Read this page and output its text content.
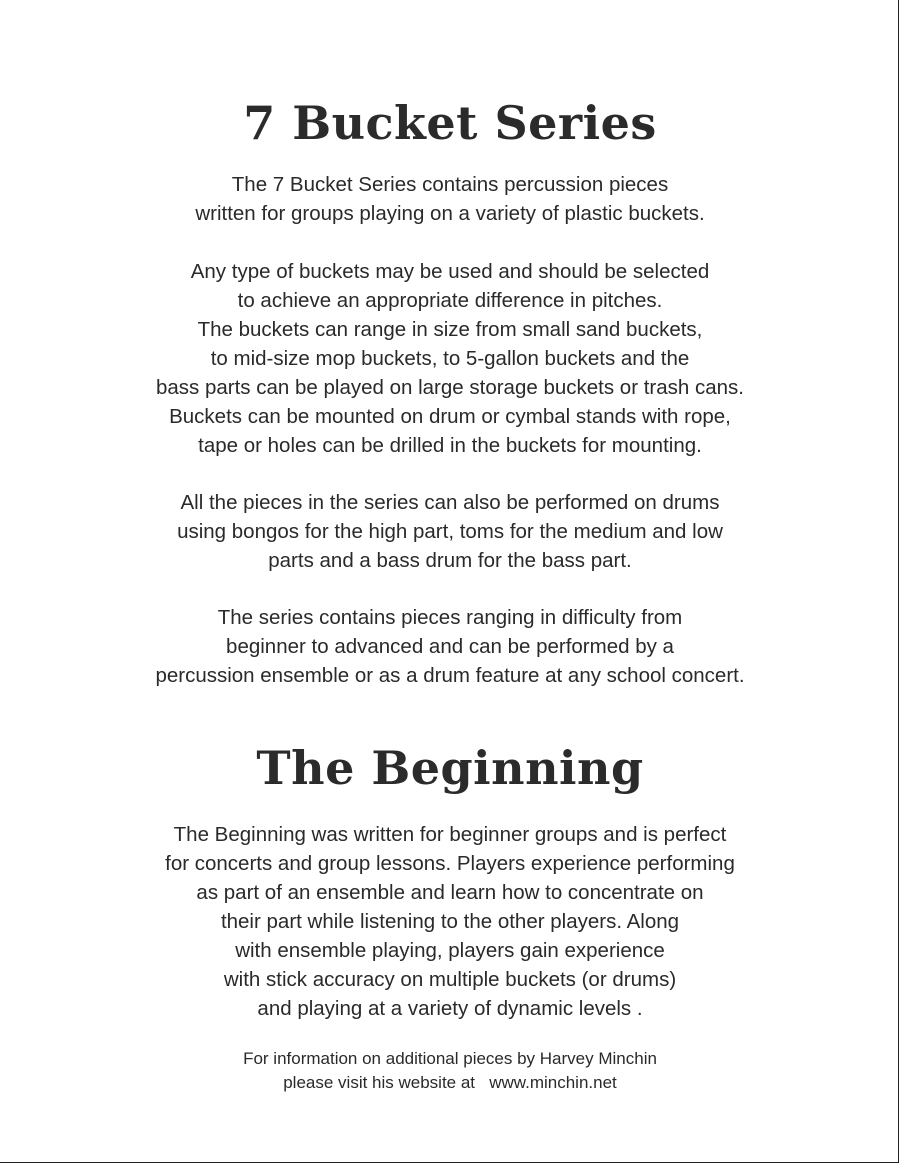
7 Bucket Series
The 7 Bucket Series contains percussion pieces
written for groups playing on a variety of plastic buckets.
Any type of buckets may be used and should be selected
to achieve an appropriate difference in pitches.
The buckets can range in size from small sand buckets,
to mid-size mop buckets, to 5-gallon buckets and the
bass parts can be played on large storage buckets or trash cans.
Buckets can be mounted on drum or cymbal stands with rope,
tape or holes can be drilled in the buckets for mounting.
All the pieces in the series can also be performed on drums
using bongos for the high part, toms for the medium and low
parts and a bass drum for the bass part.
The series contains pieces ranging in difficulty from
beginner to advanced and can be performed by a
percussion ensemble or as a drum feature at any school concert.
The Beginning
The Beginning was written for beginner groups and is perfect
for concerts and group lessons. Players experience performing
as part of an ensemble and learn how to concentrate on
their part while listening to the other players. Along
with ensemble playing, players gain experience
with stick accuracy on multiple buckets (or drums)
and playing at a variety of dynamic levels .
For information on additional pieces by Harvey Minchin
please visit his website at   www.minchin.net
